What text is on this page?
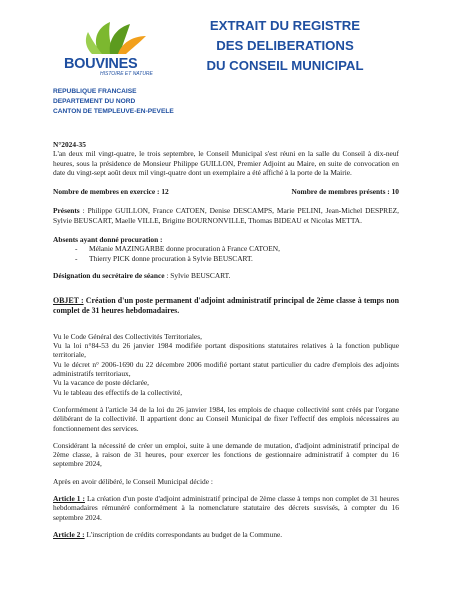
BOUVINES
HISTOIRE ET NATURE
EXTRAIT DU REGISTRE
DES DELIBERATIONS
DU CONSEIL MUNICIPAL
REPUBLIQUE FRANCAISE
DEPARTEMENT DU NORD
CANTON DE TEMPLEUVE-EN-PEVELE

N°2024-35

L'an deux mil vingt-quatre, le trois septembre, le Conseil Municipal s'est réuni en la salle du Conseil à dix-neuf heures, sous la présidence de Monsieur Philippe GUILLON, Premier Adjoint au Maire, en suite de convocation en date du vingt-sept août deux mil vingt-quatre dont un exemplaire a été affiché à la porte de la Mairie.

Nombre de membres en exercice : 12	Nombre de membres présents : 10

Présents : Philippe GUILLON, France CATOEN, Denise DESCAMPS, Marie PELINI, Jean-Michel DESPREZ, Sylvie BEUSCART, Maelle VILLE, Brigitte BOURNONVILLE, Thomas BIDEAU et Nicolas METTA.

Absents ayant donné procuration :

- Mélanie MAZINGARBE donne procuration à France CATOEN,
- Thierry PICK donne procuration à Sylvie BEUSCART.

Désignation du secrétaire de séance : Sylvie BEUSCART.

OBJET : Création d'un poste permanent d'adjoint administratif principal de 2ème classe à temps non complet de 31 heures hebdomadaires.

Vu le Code Général des Collectivités Territoriales,

Vu la loi n°84-53 du 26 janvier 1984 modifiée portant dispositions statutaires relatives à la fonction publique territoriale,

Vu le décret n° 2006-1690 du 22 décembre 2006 modifié portant statut particulier du cadre d'emplois des adjoints administratifs territoriaux,

Vu la vacance de poste déclarée,

Vu le tableau des effectifs de la collectivité,

Conformément à l'article 34 de la loi du 26 janvier 1984, les emplois de chaque collectivité sont créés par l'organe délibérant de la collectivité. Il appartient donc au Conseil Municipal de fixer l'effectif des emplois nécessaires au fonctionnement des services.

Considérant la nécessité de créer un emploi, suite à une demande de mutation, d'adjoint administratif principal de 2ème classe, à raison de 31 heures, pour exercer les fonctions de gestionnaire administratif à compter du 16 septembre 2024,

Après en avoir délibéré, le Conseil Municipal décide :

Article 1 : La création d'un poste d'adjoint administratif principal de 2ème classe à temps non complet de 31 heures hebdomadaires rémunéré conformément à la nomenclature statutaire des décrets susvisés, à compter du 16 septembre 2024.

Article 2 : L'inscription de crédits correspondants au budget de la Commune.
